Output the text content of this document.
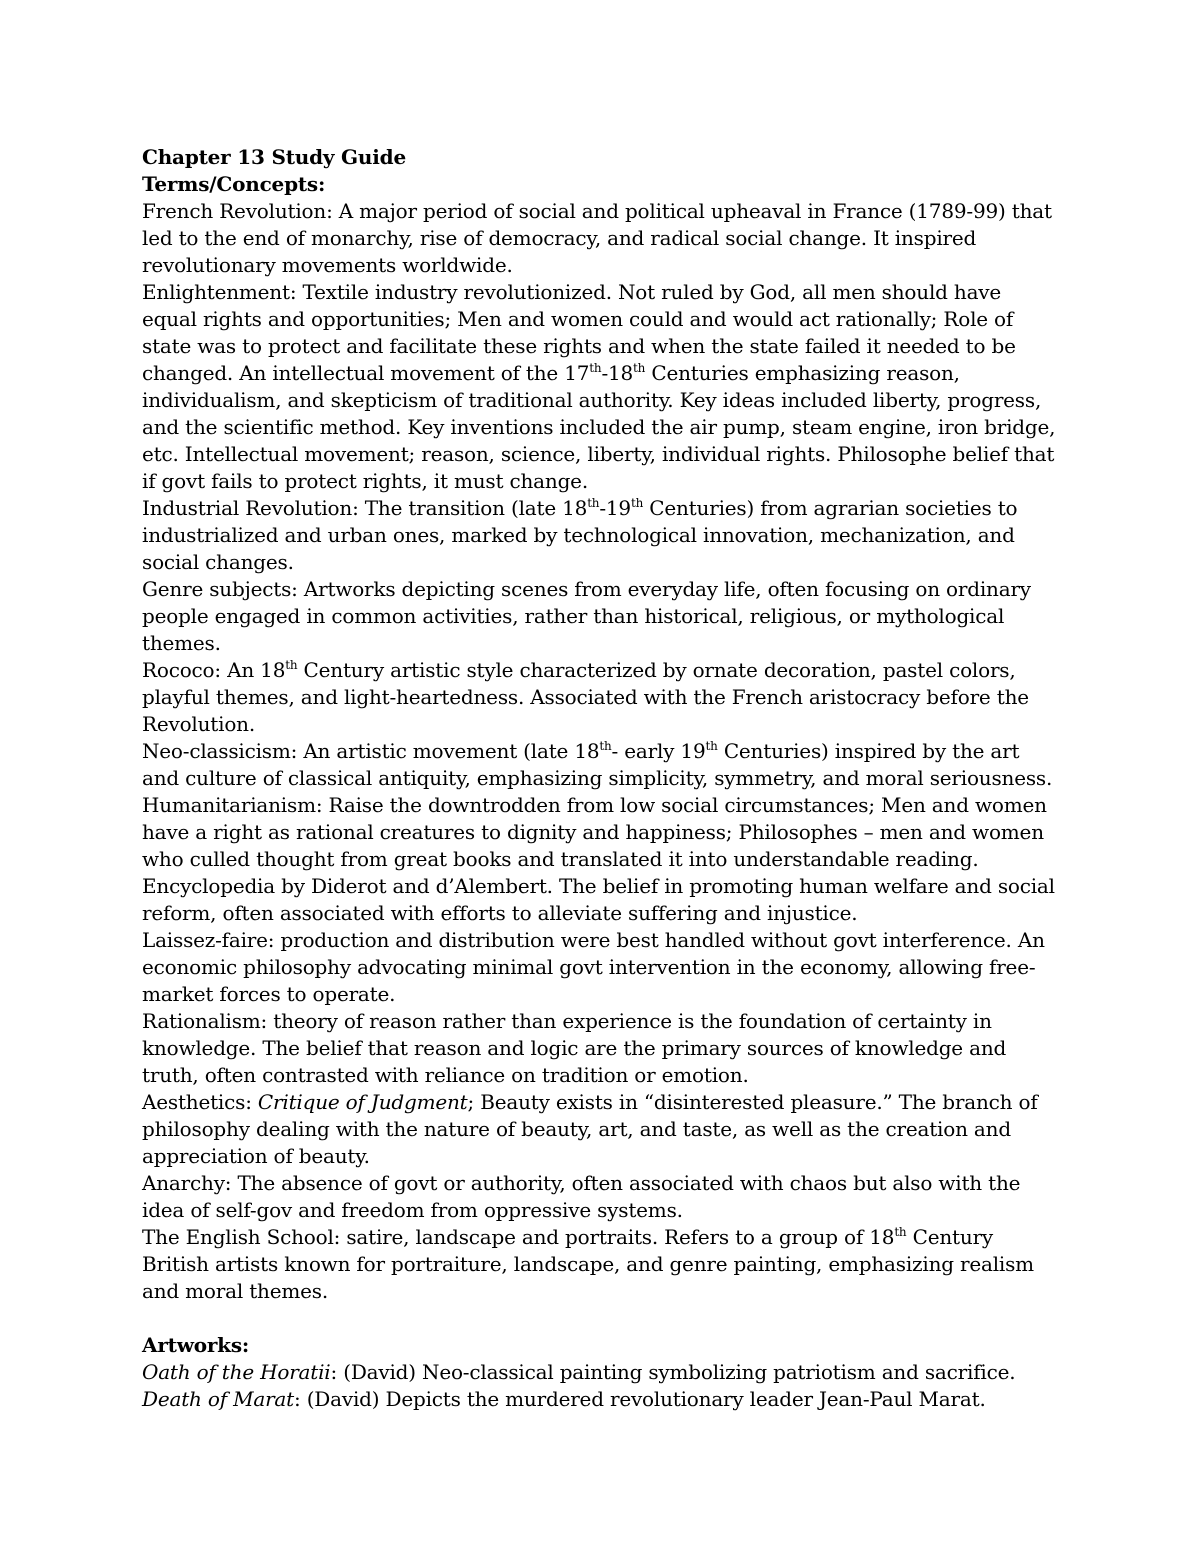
Chapter 13 Study Guide
Terms/Concepts:

French Revolution: A major period of social and political upheaval in France (1789-99) that led to the end of monarchy, rise of democracy, and radical social change. It inspired revolutionary movements worldwide.

Enlightenment: Textile industry revolutionized. Not ruled by God, all men should have equal rights and opportunities; Men and women could and would act rationally; Role of state was to protect and facilitate these rights and when the state failed it needed to be changed. An intellectual movement of the 17th-18th Centuries emphasizing reason, individualism, and skepticism of traditional authority. Key ideas included liberty, progress, and the scientific method. Key inventions included the air pump, steam engine, iron bridge, etc. Intellectual movement; reason, science, liberty, individual rights. Philosophe belief that if govt fails to protect rights, it must change.

Industrial Revolution: The transition (late 18th-19th Centuries) from agrarian societies to industrialized and urban ones, marked by technological innovation, mechanization, and social changes.

Genre subjects: Artworks depicting scenes from everyday life, often focusing on ordinary people engaged in common activities, rather than historical, religious, or mythological themes.

Rococo: An 18th Century artistic style characterized by ornate decoration, pastel colors, playful themes, and light-heartedness. Associated with the French aristocracy before the Revolution.

Neo-classicism: An artistic movement (late 18th- early 19th Centuries) inspired by the art and culture of classical antiquity, emphasizing simplicity, symmetry, and moral seriousness.

Humanitarianism: Raise the downtrodden from low social circumstances; Men and women have a right as rational creatures to dignity and happiness; Philosophes – men and women who culled thought from great books and translated it into understandable reading. Encyclopedia by Diderot and d’Alembert. The belief in promoting human welfare and social reform, often associated with efforts to alleviate suffering and injustice.

Laissez-faire: production and distribution were best handled without govt interference. An economic philosophy advocating minimal govt intervention in the economy, allowing free-market forces to operate.

Rationalism: theory of reason rather than experience is the foundation of certainty in knowledge. The belief that reason and logic are the primary sources of knowledge and truth, often contrasted with reliance on tradition or emotion.

Aesthetics: Critique of Judgment; Beauty exists in “disinterested pleasure.” The branch of philosophy dealing with the nature of beauty, art, and taste, as well as the creation and appreciation of beauty.

Anarchy: The absence of govt or authority, often associated with chaos but also with the idea of self-gov and freedom from oppressive systems.

The English School: satire, landscape and portraits. Refers to a group of 18th Century British artists known for portraiture, landscape, and genre painting, emphasizing realism and moral themes.

Artworks:

Oath of the Horatii: (David) Neo-classical painting symbolizing patriotism and sacrifice.

Death of Marat: (David) Depicts the murdered revolutionary leader Jean-Paul Marat.
